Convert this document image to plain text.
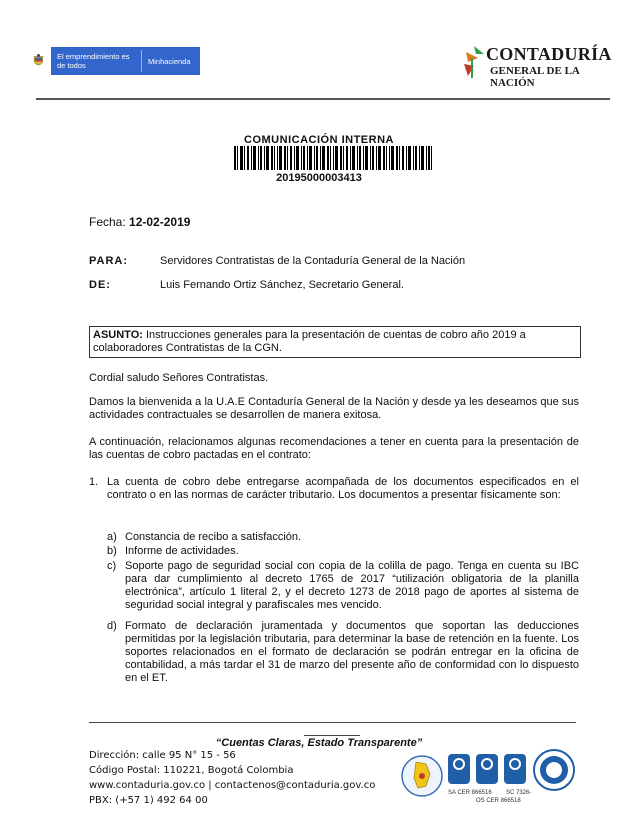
El emprendimiento es de todos	Minhacienda	CONTADURÍA
GENERAL DE LA NACIÓN
COMUNICACIÓN INTERNA
20195000003413
Fecha: 12-02-2019
PARA:	Servidores Contratistas de la Contaduría General de la Nación
DE:	Luis Fernando Ortiz Sánchez, Secretario General.
ASUNTO: Instrucciones generales para la presentación de cuentas de cobro año 2019 a colaboradores Contratistas de la CGN.
Cordial saludo Señores Contratistas.
Damos la bienvenida a la U.A.E Contaduría General de la Nación y desde ya les deseamos que sus actividades contractuales se desarrollen de manera exitosa.
A continuación, relacionamos algunas recomendaciones a tener en cuenta para la presentación de las cuentas de cobro pactadas en el contrato:
1. La cuenta de cobro debe entregarse acompañada de los documentos especificados en el contrato o en las normas de carácter tributario. Los documentos a presentar físicamente son:
a) Constancia de recibo a satisfacción.
b) Informe de actividades.
c) Soporte pago de seguridad social con copia de la colilla de pago. Tenga en cuenta su IBC para dar cumplimiento al decreto 1765 de 2017 “utilización obligatoria de la planilla electrónica”, artículo 1 literal 2, y el decreto 1273 de 2018 pago de aportes al sistema de seguridad social integral y parafiscales mes vencido.
d) Formato de declaración juramentada y documentos que soportan las deducciones permitidas por la legislación tributaria, para determinar la base de retención en la fuente. Los soportes relacionados en el formato de declaración se podrán entregar en la oficina de contabilidad, a más tardar el 31 de marzo del presente año de conformidad con lo dispuesto en el ET.
“Cuentas Claras, Estado Transparente”
Dirección: calle 95 N° 15 - 56
Código Postal: 110221, Bogotá Colombia
www.contaduria.gov.co | contactenos@contaduria.gov.co
PBX: (+57 1) 492 64 00
SA CER 866516
OS CER 866518
SC 7326-
